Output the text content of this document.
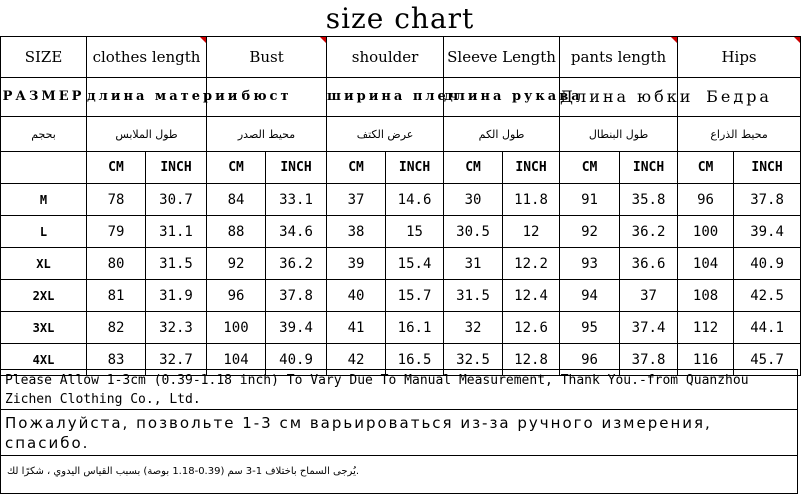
size chart
SIZE	clothes length		Bust		shoulder		Sleeve Length		pants length		Hips	
РАЗМЕР	длина материи		бюст		ширина плеч		длина рукава		Длина юбки		Бедра	
بحجم	طول الملابس		محيط الصدر		عرض الكتف		طول الكم		طول البنطال		محيط الذراع	
	CM	INCH	CM	INCH	CM	INCH	CM	INCH	CM	INCH	CM	INCH
M	78	30.7	84	33.1	37	14.6	30	11.8	91	35.8	96	37.8
L	79	31.1	88	34.6	38	15	30.5	12	92	36.2	100	39.4
XL	80	31.5	92	36.2	39	15.4	31	12.2	93	36.6	104	40.9
2XL	81	31.9	96	37.8	40	15.7	31.5	12.4	94	37	108	42.5
3XL	82	32.3	100	39.4	41	16.1	32	12.6	95	37.4	112	44.1
4XL	83	32.7	104	40.9	42	16.5	32.5	12.8	96	37.8	116	45.7
Please Allow 1-3cm (0.39-1.18 inch) To Vary Due To Manual Measurement, Thank You.-from Quanzhou Zichen Clothing Co., Ltd.
Пожалуйста, позвольте 1-3 см варьироваться из-за ручного измерения, спасибо.
يُرجى السماح باختلاف 1-3 سم (0.39-1.18 بوصة) بسبب القياس اليدوي ، شكرًا لك.
